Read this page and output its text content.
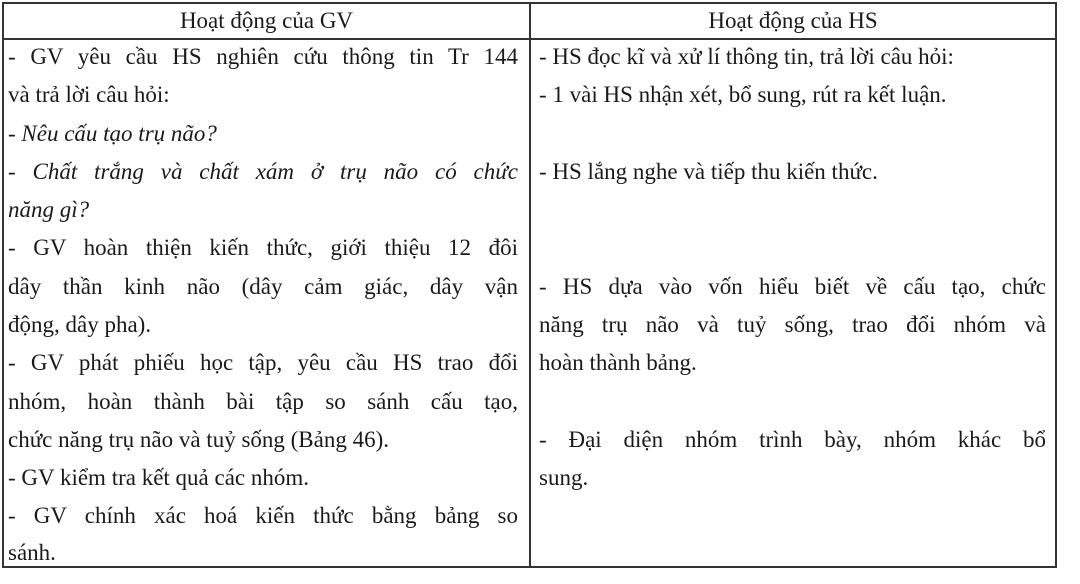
Hoạt động của GV	Hoạt động của HS
- GV yêu cầu HS nghiên cứu thông tin Tr 144
và trả lời câu hỏi:
- Nêu cấu tạo trụ não?
- Chất trắng và chất xám ở trụ não có chức
năng gì?
- GV hoàn thiện kiến thức, giới thiệu 12 đôi
dây thần kinh não (dây cảm giác, dây vận
động, dây pha).
- GV phát phiếu học tập, yêu cầu HS trao đổi
nhóm, hoàn thành bài tập so sánh cấu tạo,
chức năng trụ não và tuỷ sống (Bảng 46).
- GV kiểm tra kết quả các nhóm.
- GV chính xác hoá kiến thức bằng bảng so
sánh.
- HS đọc kĩ và xử lí thông tin, trả lời câu hỏi:
- 1 vài HS nhận xét, bổ sung, rút ra kết luận.
- HS lắng nghe và tiếp thu kiến thức.
- HS dựa vào vốn hiểu biết về cấu tạo, chức
năng trụ não và tuỷ sống, trao đổi nhóm và
hoàn thành bảng.
- Đại diện nhóm trình bày, nhóm khác bổ
sung.
